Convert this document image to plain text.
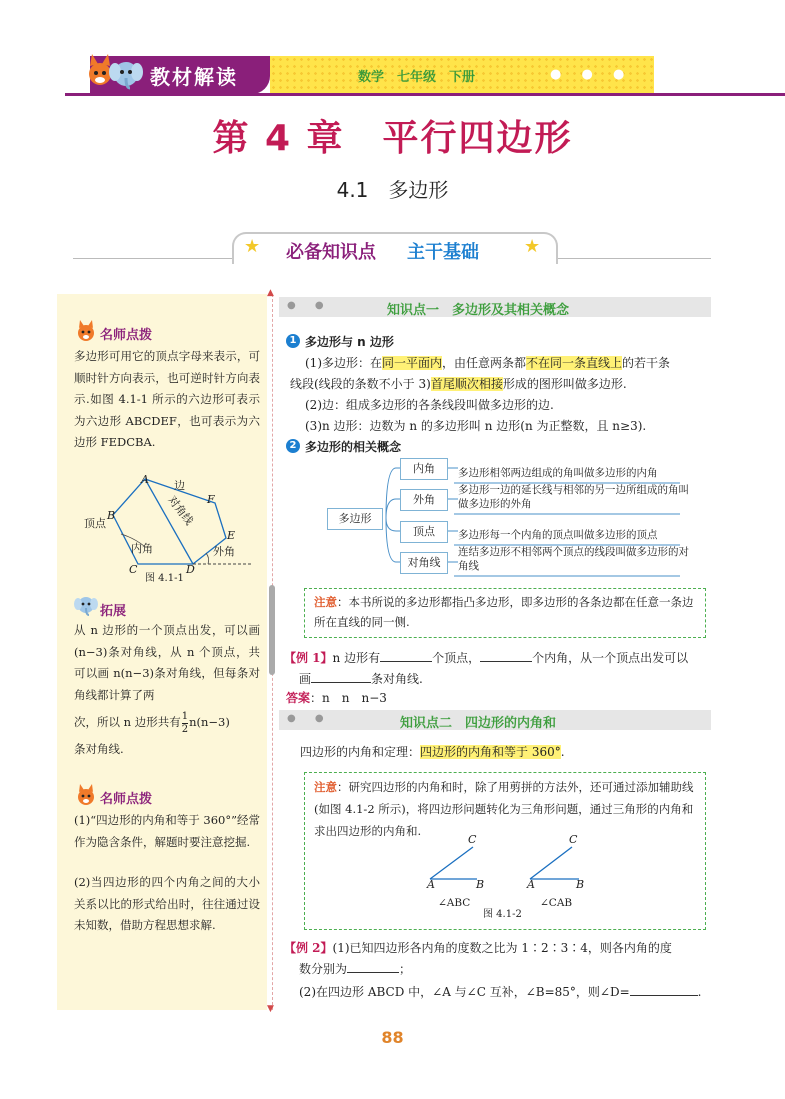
教材解读	数学　七年级　下册	● ● ●
第 4 章　平行四边形
4.1　多边形
★	★
必备知识点 主干基础
▲
▼
名师点拨
多边形可用它的顶点字母来表示，可顺时针方向表示，也可逆时针方向表示.如图 4.1-1 所示的六边形可表示为六边形 ABCDEF，也可表示为六边形 FEDCBA.
A 边
F
对角线
B
顶点
E
内角	外角
C	D
图 4.1-1
拓展
从 n 边形的一个顶点出发，可以画(n−3)条对角线，从 n 个顶点，共可以画 n(n−3)条对角线，但每条对角线都计算了两
次，所以 n 边形共有 $\frac{1}{2} n(n-3)$
条对角线.
名师点拨
(1)“四边形的内角和等于 360°”经常作为隐含条件，解题时要注意挖掘.
(2)当四边形的四个内角之间的大小关系以比的形式给出时，往往通过设未知数，借助方程思想求解.
● ●	知识点一　多边形及其相关概念
1 多边形与 n 边形
(1)多边形：在同一平面内，由任意两条都不在同一条直线上的若干条
线段(线段的条数不小于 3)首尾顺次相接形成的图形叫做多边形.
(2)边：组成多边形的各条线段叫做多边形的边.
(3)n 边形：边数为 n 的多边形叫 n 边形(n 为正整数，且 n≥3).
2 多边形的相关概念
多边形
内角
外角
顶点
对角线
多边形相邻两边组成的角叫做多边形的内角
多边形一边的延长线与相邻的另一边所组成的角叫做多边形的外角
多边形每一个内角的顶点叫做多边形的顶点
连结多边形不相邻两个顶点的线段叫做多边形的对角线
注意：本书所说的多边形都指凸多边形，即多边形的各条边都在任意一条边所在直线的同一侧.
【例 1】n 边形有	个顶点，	个内角，从一个顶点出发可以
画	条对角线.
答案：n　n　n−3
● ●	知识点二　四边形的内角和
四边形的内角和定理：四边形的内角和等于 360°.
注意：研究四边形的内角和时，除了用剪拼的方法外，还可通过添加辅助线(如图 4.1-2 所示)，将四边形问题转化为三角形问题，通过三角形的内角和求出四边形的内角和.
C	C
A	B	A	B
∠ABC	∠CAB
图 4.1-2
【例 2】(1)已知四边形各内角的度数之比为 1∶2∶3∶4，则各内角的度
数分别为	；
(2)在四边形 ABCD 中，∠A 与∠C 互补，∠B=85°，则∠D=	.
88
